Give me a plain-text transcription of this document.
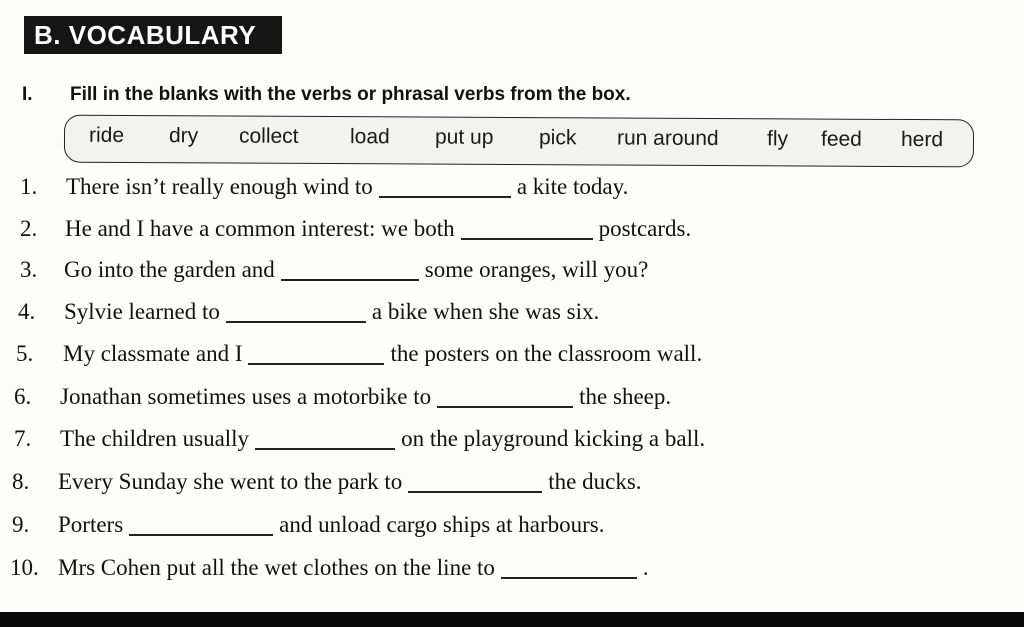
B. VOCABULARY
I. Fill in the blanks with the verbs or phrasal verbs from the box.
ride dry collect load put up pick run around fly feed herd
1. There isn’t really enough wind to	a kite today.
2. He and I have a common interest: we both	postcards.
3. Go into the garden and	some oranges, will you?
4. Sylvie learned to	a bike when she was six.
5. My classmate and I	the posters on the classroom wall.
6. Jonathan sometimes uses a motorbike to	the sheep.
7. The children usually	on the playground kicking a ball.
8. Every Sunday she went to the park to	the ducks.
9. Porters	and unload cargo ships at harbours.
10. Mrs Cohen put all the wet clothes on the line to	.
